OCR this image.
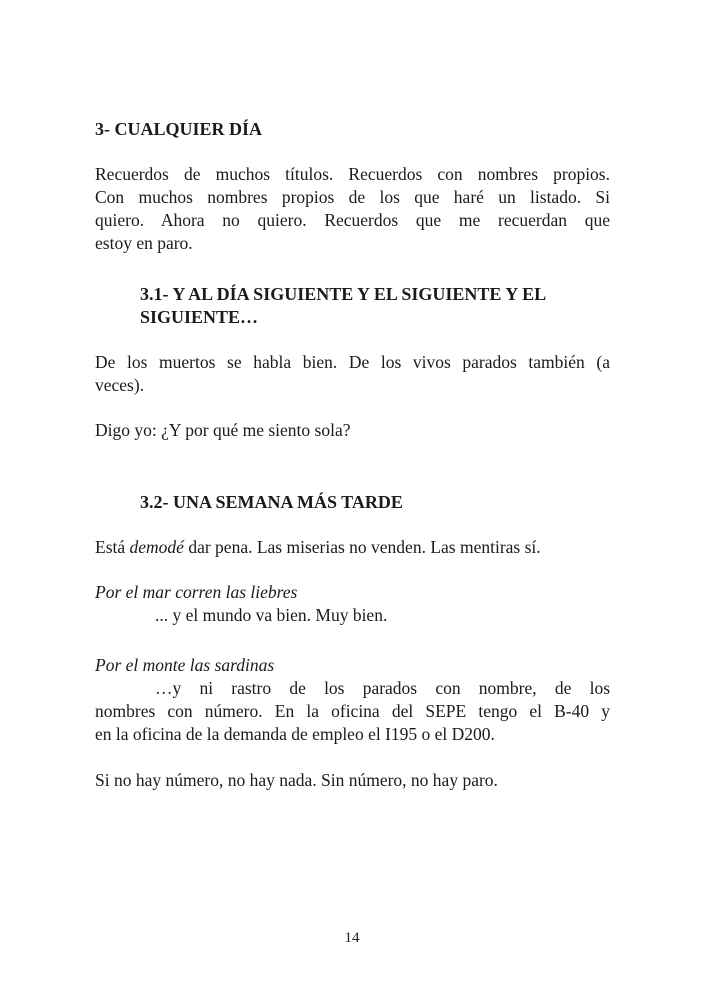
3- CUALQUIER DÍA

Recuerdos de muchos títulos. Recuerdos con nombres propios.
Con muchos nombres propios de los que haré un listado. Si
quiero. Ahora no quiero. Recuerdos que me recuerdan que
estoy en paro.

3.1- Y AL DÍA SIGUIENTE Y EL SIGUIENTE Y EL
SIGUIENTE…

De los muertos se habla bien. De los vivos parados también (a
veces).

Digo yo: ¿Y por qué me siento sola?

3.2- UNA SEMANA MÁS TARDE

Está demodé dar pena. Las miserias no venden. Las mentiras sí.

Por el mar corren las liebres
... y el mundo va bien. Muy bien.

Por el monte las sardinas
…y ni rastro de los parados con nombre, de los
nombres con número. En la oficina del SEPE tengo el B-40 y
en la oficina de la demanda de empleo el I195 o el D200.

Si no hay número, no hay nada. Sin número, no hay paro.

14
